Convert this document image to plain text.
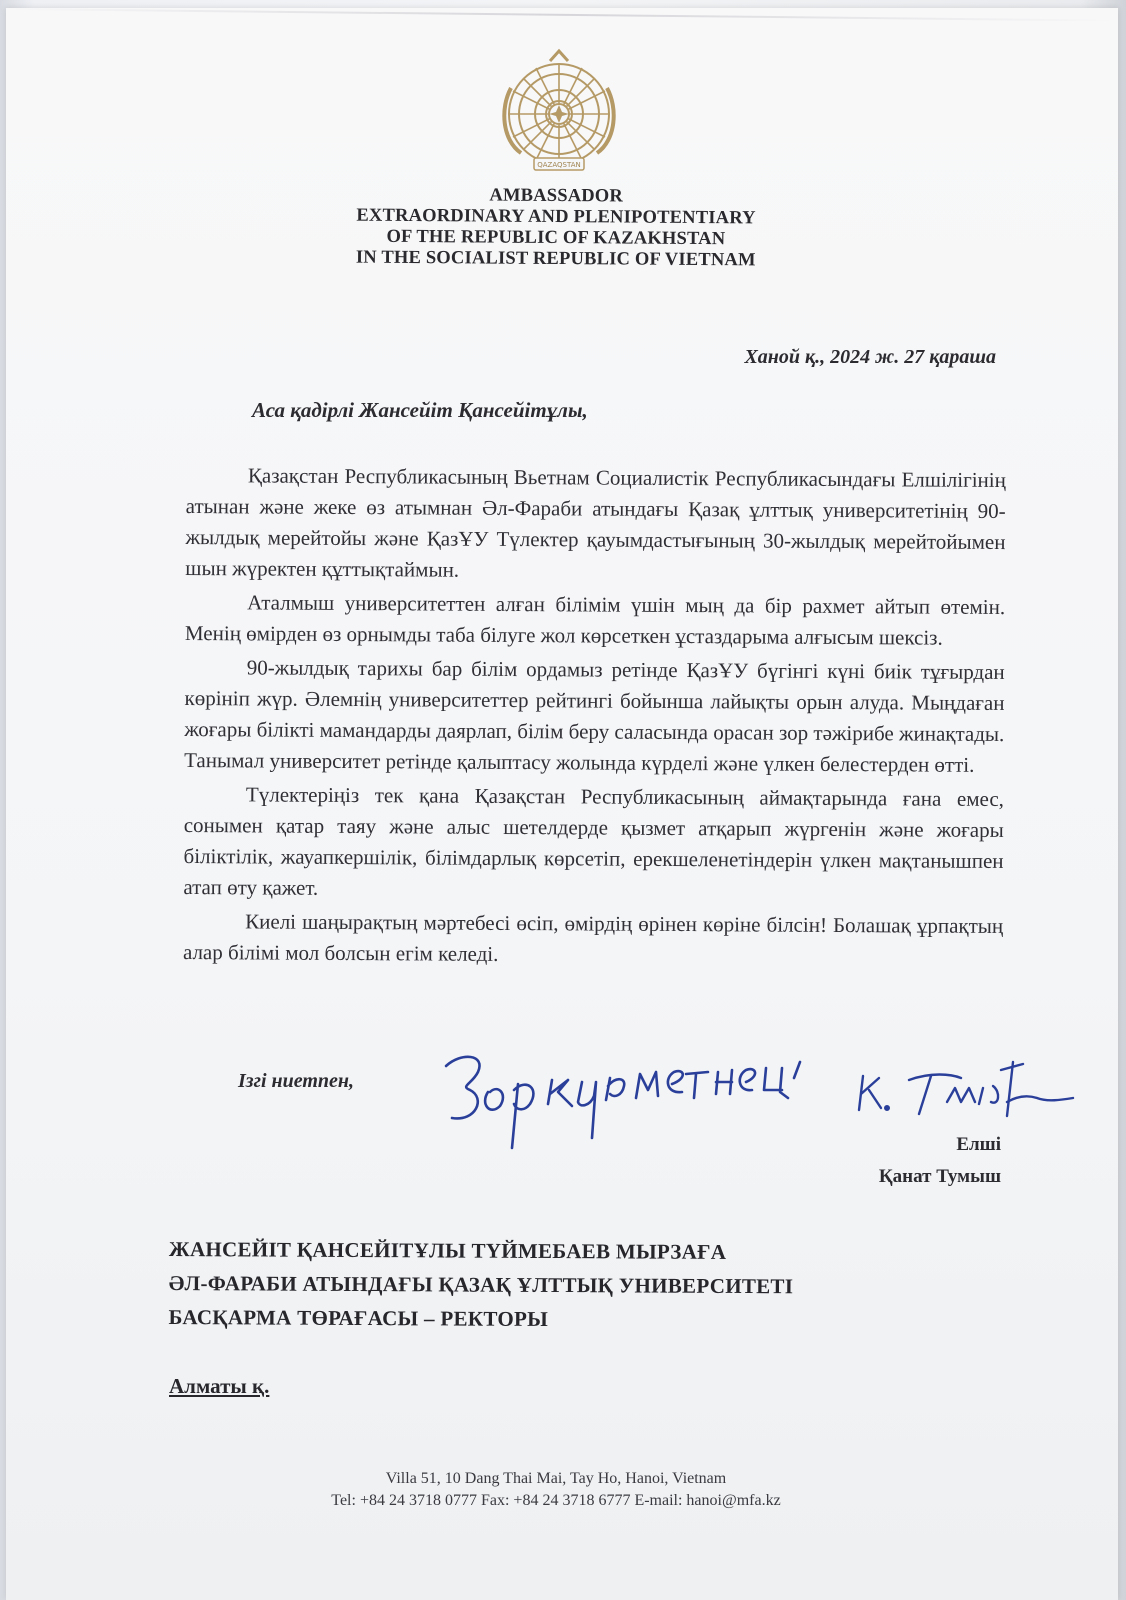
QAZAQSTAN
AMBASSADOR
EXTRAORDINARY AND PLENIPOTENTIARY
OF THE REPUBLIC OF KAZAKHSTAN
IN THE SOCIALIST REPUBLIC OF VIETNAM
Ханой қ., 2024 ж. 27 қараша
Аса қадірлі Жансейіт Қансейітұлы,

Қазақстан Республикасының Вьетнам Социалистік Республикасындағы Елшілігінің атынан және жеке өз атымнан Әл-Фараби атындағы Қазақ ұлттық университетінің 90-жылдық мерейтойы және ҚазҰУ Түлектер қауымдастығының 30-жылдық мерейтойымен шын жүректен құттықтаймын.

Аталмыш университеттен алған білімім үшін мың да бір рахмет айтып өтемін. Менің өмірден өз орнымды таба білуге жол көрсеткен ұстаздарыма алғысым шексіз.

90-жылдық тарихы бар білім ордамыз ретінде ҚазҰУ бүгінгі күні биік тұғырдан көрініп жүр. Әлемнің университеттер рейтингі бойынша лайықты орын алуда. Мыңдаған жоғары білікті мамандарды даярлап, білім беру саласында орасан зор тәжірибе жинақтады. Танымал университет ретінде қалыптасу жолында күрделі және үлкен белестерден өтті.

Түлектеріңіз тек қана Қазақстан Республикасының аймақтарында ғана емес, сонымен қатар таяу және алыс шетелдерде қызмет атқарып жүргенін және жоғары біліктілік, жауапкершілік, білімдарлық көрсетіп, ерекшеленетіндерін үлкен мақтанышпен атап өту қажет.

Киелі шаңырақтың мәртебесі өсіп, өмірдің өрінен көріне білсін! Болашақ ұрпақтың алар білімі мол болсын егім келеді.

Ізгі ниетпен,
Зор құрметпен,
К. Тумыш
Елші
Қанат Тумыш
ЖАНСЕЙІТ ҚАНСЕЙІТҰЛЫ ТҮЙМЕБАЕВ МЫРЗАҒА
ӘЛ-ФАРАБИ АТЫНДАҒЫ ҚАЗАҚ ҰЛТТЫҚ УНИВЕРСИТЕТІ
БАСҚАРМА ТӨРАҒАСЫ – РЕКТОРЫ
Алматы қ.
Villa 51, 10 Dang Thai Mai, Tay Ho, Hanoi, Vietnam
Tel: +84 24 3718 0777 Fax: +84 24 3718 6777 E-mail: hanoi@mfa.kz
